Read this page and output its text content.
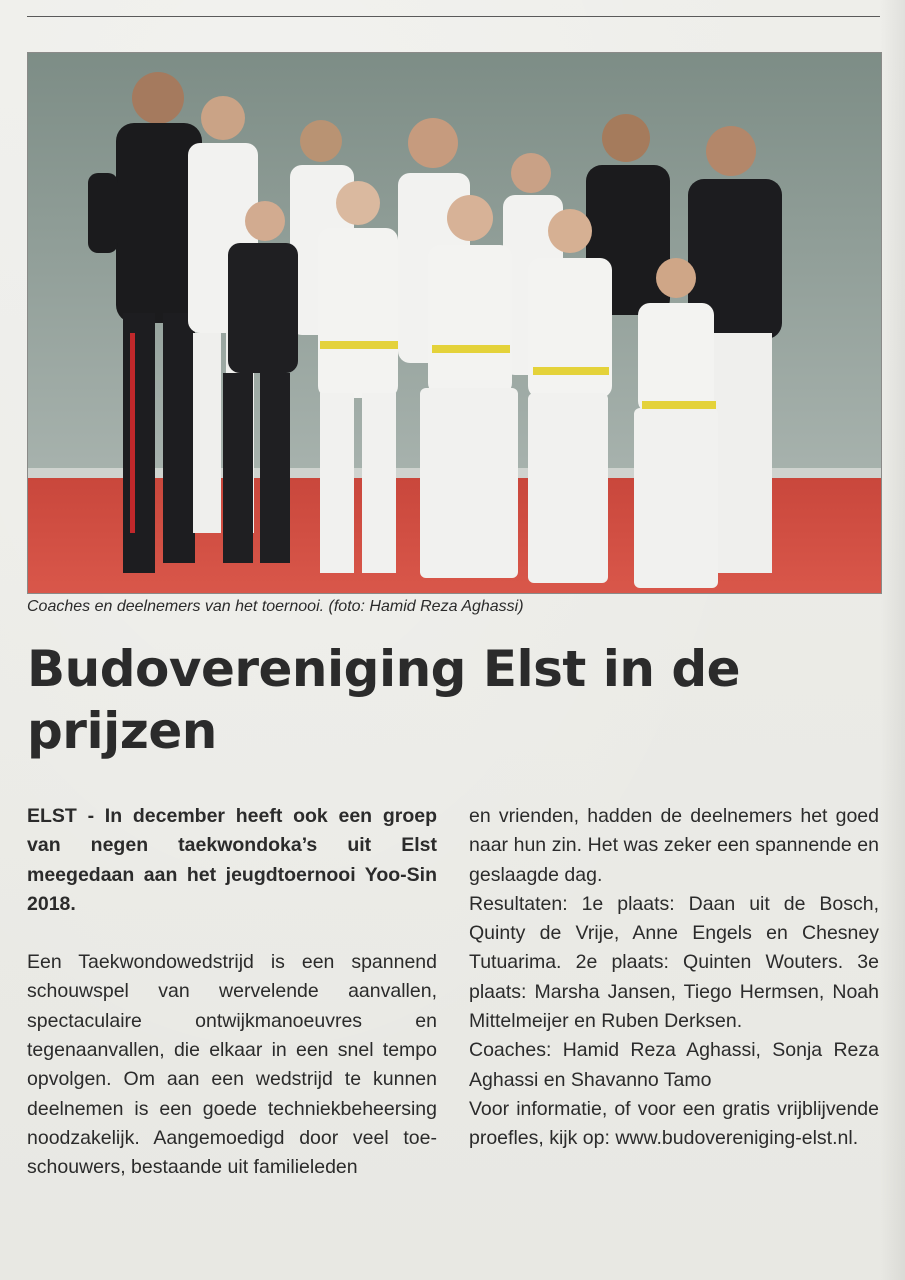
Coaches en deelnemers van het toernooi. (foto: Hamid Reza Aghassi)
Budovereniging Elst in de prijzen

ELST - In december heeft ook een groep van negen taekwondoka’s uit Elst meegedaan aan het jeugdtoernooi Yoo-Sin 2018.

Een Taekwondowedstrijd is een spannend schouwspel van wervelende aanvallen, spectaculaire ontwijkmanoeuvres en tegenaanvallen, die elkaar in een snel tempo opvolgen. Om aan een wedstrijd te kunnen deelnemen is een goede techniekbeheersing noodzakelijk. Aangemoedigd door veel toeschouwers, bestaande uit familieleden

en vrienden, hadden de deelnemers het goed naar hun zin. Het was zeker een spannende en geslaagde dag.

Resultaten: 1e plaats: Daan uit de Bosch, Quinty de Vrije, Anne Engels en Chesney Tutuarima. 2e plaats: Quinten Wouters. 3e plaats: Marsha Jansen, Tiego Hermsen, Noah Mittelmeijer en Ruben Derksen.

Coaches: Hamid Reza Aghassi, Sonja Reza Aghassi en Shavanno Tamo

Voor informatie, of voor een gratis vrijblijvende proefles, kijk op: www.budovereniging-elst.nl.
